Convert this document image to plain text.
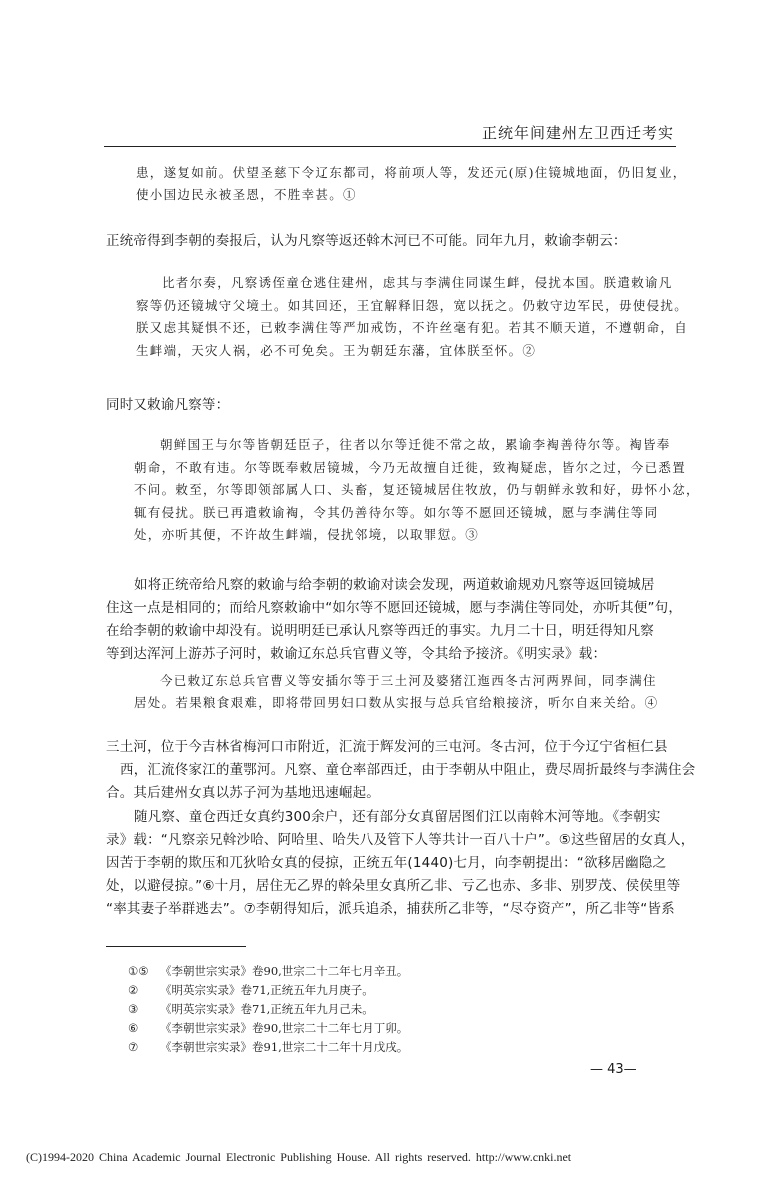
正统年间建州左卫西迁考实
患，遂复如前。伏望圣慈下令辽东都司，将前项人等，发还元(原)住镜城地面，仍旧复业，
使小国边民永被圣恩，不胜幸甚。①
正统帝得到李朝的奏报后，认为凡察等返还斡木河已不可能。同年九月，敕谕李朝云：
比者尔奏，凡察诱侄童仓逃住建州，虑其与李满住同谋生衅，侵扰本国。朕遣敕谕凡
察等仍还镜城守父境土。如其回还，王宜解释旧怨，宽以抚之。仍敕守边军民，毋使侵扰。
朕又虑其疑惧不还，已敕李满住等严加戒饬，不许丝毫有犯。若其不顺天道，不遵朝命，自
生衅端，天灾人祸，必不可免矣。王为朝廷东藩，宜体朕至怀。②
同时又敕谕凡察等：
朝鲜国王与尔等皆朝廷臣子，往者以尔等迁徙不常之故，累谕李裪善待尔等。裪皆奉
朝命，不敢有违。尔等既奉敕居镜城，今乃无故擅自迁徙，致裪疑虑，皆尔之过，今已悉置
不问。敕至，尔等即领部属人口、头畜，复还镜城居住牧放，仍与朝鲜永敦和好，毋怀小忿，
辄有侵扰。朕已再遣敕谕裪，令其仍善待尔等。如尔等不愿回还镜城，愿与李满住等同
处，亦听其便，不许故生衅端，侵扰邻境，以取罪愆。③
如将正统帝给凡察的敕谕与给李朝的敕谕对读会发现，两道敕谕规劝凡察等返回镜城居
住这一点是相同的；而给凡察敕谕中“如尔等不愿回还镜城，愿与李满住等同处，亦听其便”句，
在给李朝的敕谕中却没有。说明明廷已承认凡察等西迁的事实。九月二十日，明廷得知凡察
等到达浑河上游苏子河时，敕谕辽东总兵官曹义等，令其给予接济。《明实录》载：
今已敕辽东总兵官曹义等安插尔等于三土河及婆猪江迤西冬古河两界间，同李满住
居处。若果粮食艰难，即将带回男妇口数从实报与总兵官给粮接济，听尔自来关给。④
三土河，位于今吉林省梅河口市附近，汇流于辉发河的三屯河。冬古河，位于今辽宁省桓仁县
西，汇流佟家江的董鄂河。凡察、童仓率部西迁，由于李朝从中阻止，费尽周折最终与李满住会
合。其后建州女真以苏子河为基地迅速崛起。
随凡察、童仓西迁女真约300余户，还有部分女真留居图们江以南斡木河等地。《李朝实
录》载：“凡察亲兄斡沙哈、阿哈里、哈失八及管下人等共计一百八十户”。⑤这些留居的女真人，
因苦于李朝的欺压和兀狄哈女真的侵掠，正统五年(1440)七月，向李朝提出：“欲移居幽隐之
处，以避侵掠。”⑥十月，居住无乙界的斡朵里女真所乙非、亏乙也赤、多非、别罗茂、侯侯里等
“率其妻子举群逃去”。⑦李朝得知后，派兵追杀，捕获所乙非等，“尽夺资产”，所乙非等“皆系
①⑤ 《李朝世宗实录》卷90,世宗二十二年七月辛丑。
② 《明英宗实录》卷71,正统五年九月庚子。
③ 《明英宗实录》卷71,正统五年九月己未。
⑥ 《李朝世宗实录》卷90,世宗二十二年七月丁卯。
⑦ 《李朝世宗实录》卷91,世宗二十二年十月戊戌。
— 43—
(C)1994-2020 China Academic Journal Electronic Publishing House. All rights reserved. http://www.cnki.net
